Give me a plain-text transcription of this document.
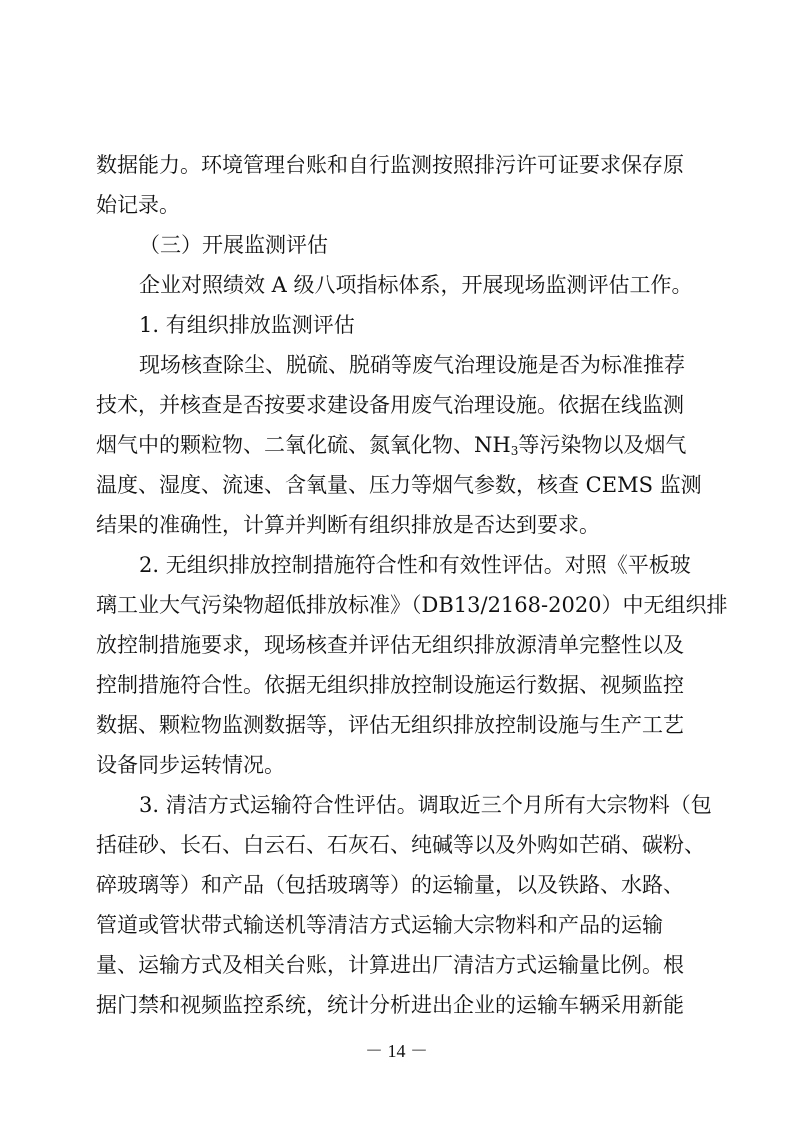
数据能力。环境管理台账和自行监测按照排污许可证要求保存原
始记录。
（三）开展监测评估
企业对照绩效 A 级八项指标体系，开展现场监测评估工作。
1. 有组织排放监测评估
现场核查除尘、脱硫、脱硝等废气治理设施是否为标准推荐
技术，并核查是否按要求建设备用废气治理设施。依据在线监测
烟气中的颗粒物、二氧化硫、氮氧化物、$NH_3$等污染物以及烟气
温度、湿度、流速、含氧量、压力等烟气参数，核查 CEMS 监测
结果的准确性，计算并判断有组织排放是否达到要求。
2. 无组织排放控制措施符合性和有效性评估。对照《平板玻
璃工业大气污染物超低排放标准》（DB13/2168-2020）中无组织排
放控制措施要求，现场核查并评估无组织排放源清单完整性以及
控制措施符合性。依据无组织排放控制设施运行数据、视频监控
数据、颗粒物监测数据等，评估无组织排放控制设施与生产工艺
设备同步运转情况。
3. 清洁方式运输符合性评估。调取近三个月所有大宗物料（包
括硅砂、长石、白云石、石灰石、纯碱等以及外购如芒硝、碳粉、
碎玻璃等）和产品（包括玻璃等）的运输量，以及铁路、水路、
管道或管状带式输送机等清洁方式运输大宗物料和产品的运输
量、运输方式及相关台账，计算进出厂清洁方式运输量比例。根
据门禁和视频监控系统，统计分析进出企业的运输车辆采用新能
－ 14 －
